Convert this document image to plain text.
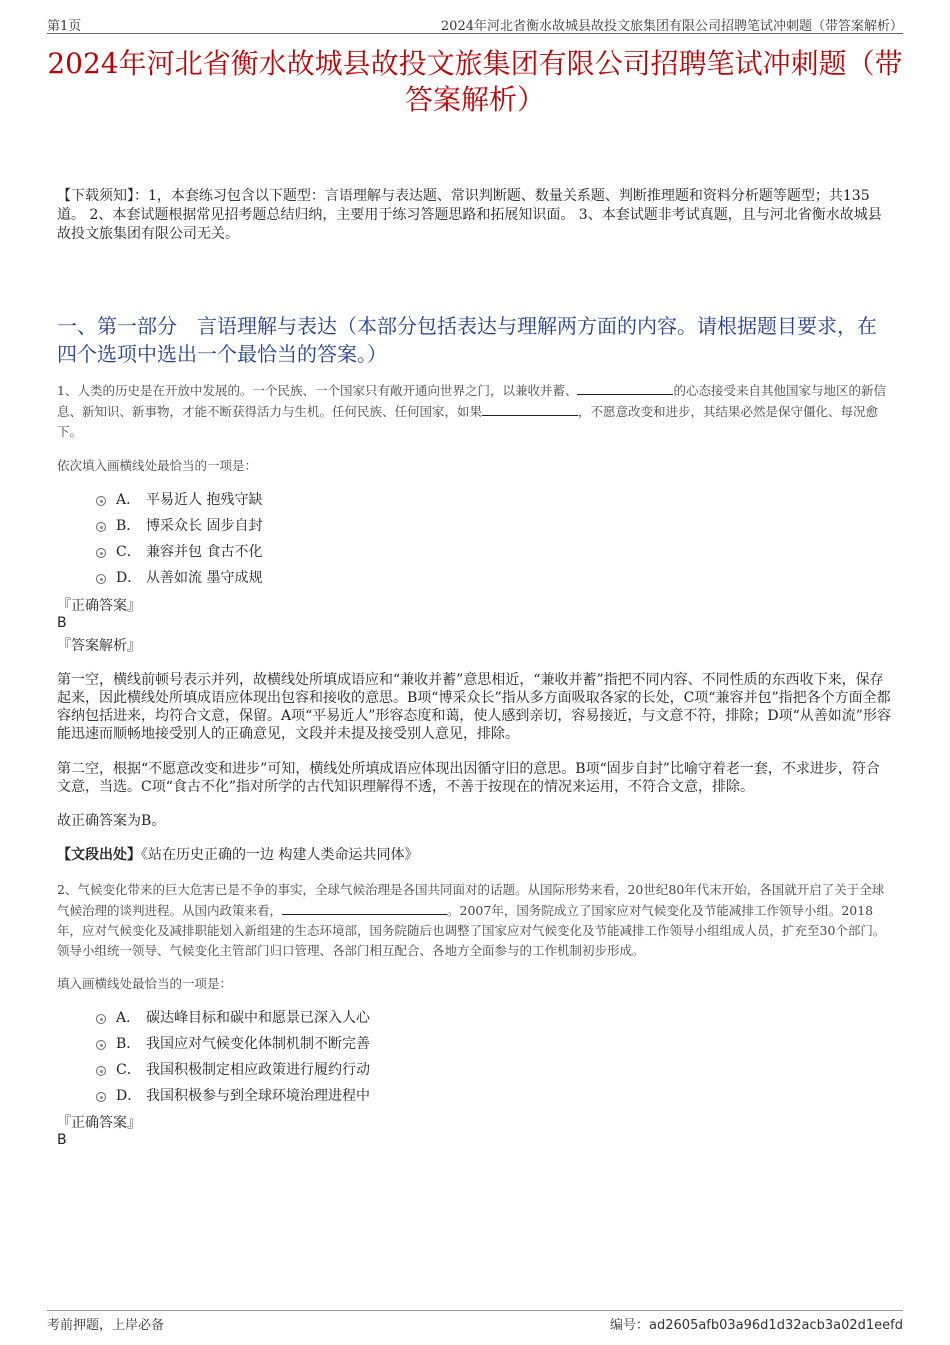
第1页	2024年河北省衡水故城县故投文旅集团有限公司招聘笔试冲刺题（带答案解析）
2024年河北省衡水故城县故投文旅集团有限公司招聘笔试冲刺题（带答案解析）
【下载须知】：1，本套练习包含以下题型：言语理解与表达题、常识判断题、数量关系题、判断推理题和资料分析题等题型；共135道。 2、本套试题根据常见招考题总结归纳，主要用于练习答题思路和拓展知识面。 3、本套试题非考试真题，且与河北省衡水故城县故投文旅集团有限公司无关。
一、第一部分　言语理解与表达（本部分包括表达与理解两方面的内容。请根据题目要求，在四个选项中选出一个最恰当的答案。）
1、人类的历史是在开放中发展的。一个民族、一个国家只有敞开通向世界之门，以兼收并蓄、	的心态接受来自其他国家与地区的新信息、新知识、新事物，才能不断获得活力与生机。任何民族、任何国家，如果	，不愿意改变和进步，其结果必然是保守僵化、每况愈下。
依次填入画横线处最恰当的一项是：
A． 平易近人 抱残守缺
B． 博采众长 固步自封
C． 兼容并包 食古不化
D． 从善如流 墨守成规
『正确答案』
B
『答案解析』
第一空，横线前顿号表示并列，故横线处所填成语应和“兼收并蓄”意思相近，“兼收并蓄”指把不同内容、不同性质的东西收下来，保存起来，因此横线处所填成语应体现出包容和接收的意思。B项“博采众长”指从多方面吸取各家的长处，C项“兼容并包”指把各个方面全都容纳包括进来，均符合文意，保留。A项“平易近人”形容态度和蔼，使人感到亲切，容易接近，与文意不符，排除；D项“从善如流”形容能迅速而顺畅地接受别人的正确意见，文段并未提及接受别人意见，排除。
第二空，根据“不愿意改变和进步”可知，横线处所填成语应体现出因循守旧的意思。B项“固步自封”比喻守着老一套，不求进步，符合文意，当选。C项“食古不化”指对所学的古代知识理解得不透，不善于按现在的情况来运用，不符合文意，排除。
故正确答案为B。
【文段出处】《站在历史正确的一边 构建人类命运共同体》
2、气候变化带来的巨大危害已是不争的事实，全球气候治理是各国共同面对的话题。从国际形势来看，20世纪80年代末开始，各国就开启了关于全球气候治理的谈判进程。从国内政策来看，	。2007年，国务院成立了国家应对气候变化及节能减排工作领导小组。2018年，应对气候变化及减排职能划入新组建的生态环境部，国务院随后也调整了国家应对气候变化及节能减排工作领导小组组成人员，扩充至30个部门。领导小组统一领导、气候变化主管部门归口管理、各部门相互配合、各地方全面参与的工作机制初步形成。
填入画横线处最恰当的一项是：
A． 碳达峰目标和碳中和愿景已深入人心
B． 我国应对气候变化体制机制不断完善
C． 我国积极制定相应政策进行履约行动
D． 我国积极参与到全球环境治理进程中
『正确答案』
B
考前押题，上岸必备	编号：ad2605afb03a96d1d32acb3a02d1eefd
